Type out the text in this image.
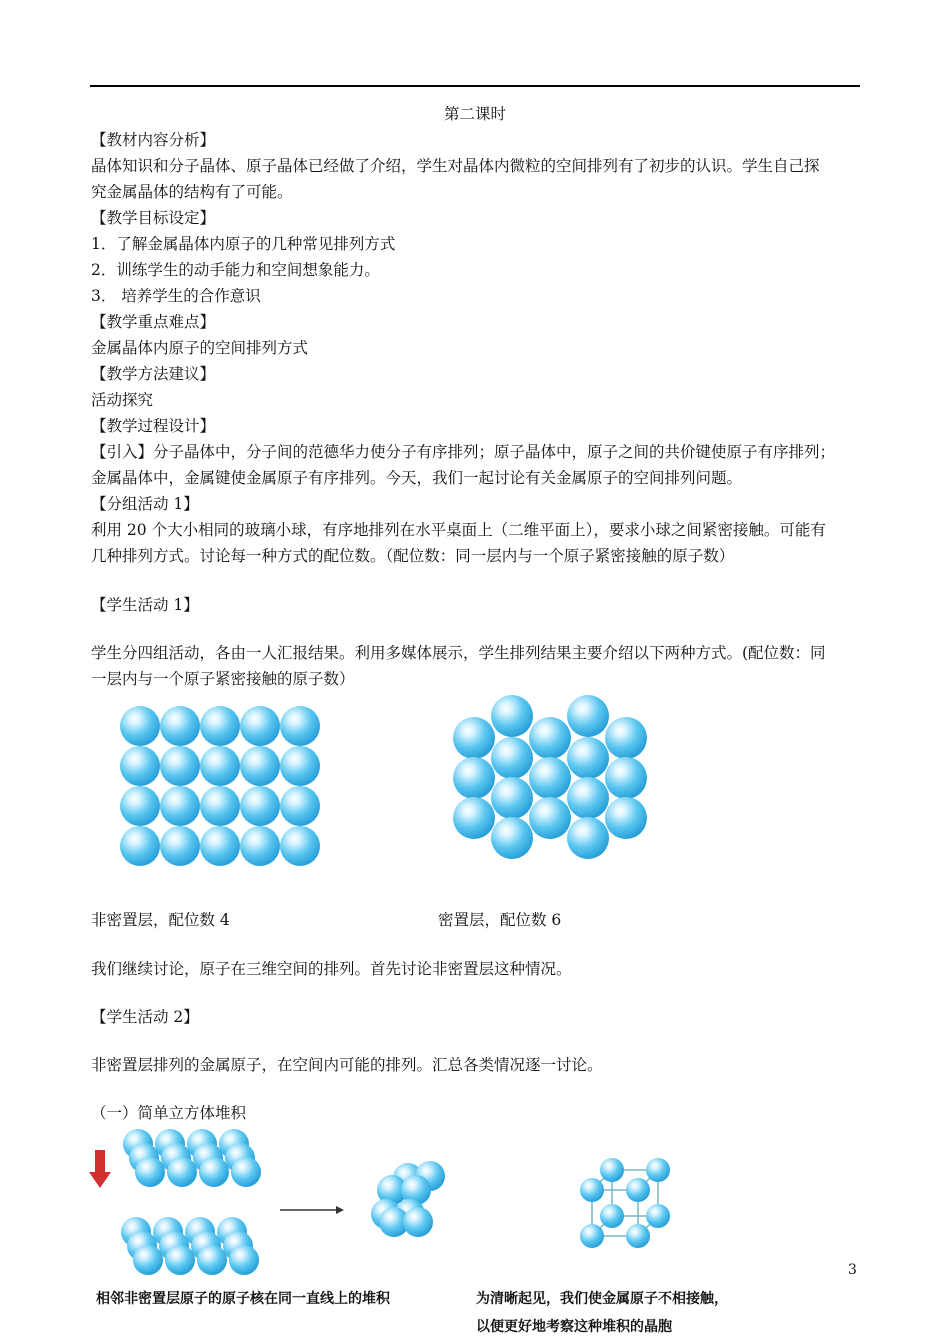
第二课时
【教材内容分析】
晶体知识和分子晶体、原子晶体已经做了介绍，学生对晶体内微粒的空间排列有了初步的认识。学生自己探
究金属晶体的结构有了可能。
【教学目标设定】
1．了解金属晶体内原子的几种常见排列方式
2．训练学生的动手能力和空间想象能力。
3． 培养学生的合作意识
【教学重点难点】
金属晶体内原子的空间排列方式
【教学方法建议】
活动探究
【教学过程设计】
【引入】分子晶体中，分子间的范德华力使分子有序排列；原子晶体中，原子之间的共价键使原子有序排列；
金属晶体中，金属键使金属原子有序排列。今天，我们一起讨论有关金属原子的空间排列问题。
【分组活动 1】
利用 20 个大小相同的玻璃小球，有序地排列在水平桌面上（二维平面上），要求小球之间紧密接触。可能有
几种排列方式。讨论每一种方式的配位数。（配位数：同一层内与一个原子紧密接触的原子数）
【学生活动 1】
学生分四组活动，各由一人汇报结果。利用多媒体展示，学生排列结果主要介绍以下两种方式。(配位数：同
一层内与一个原子紧密接触的原子数）
非密置层，配位数 4	密置层，配位数 6
我们继续讨论，原子在三维空间的排列。首先讨论非密置层这种情况。
【学生活动 2】
非密置层排列的金属原子，在空间内可能的排列。汇总各类情况逐一讨论。
（一）简单立方体堆积
相邻非密置层原子的原子核在同一直线上的堆积	为清晰起见，我们使金属原子不相接触，
以便更好地考察这种堆积的晶胞
3
